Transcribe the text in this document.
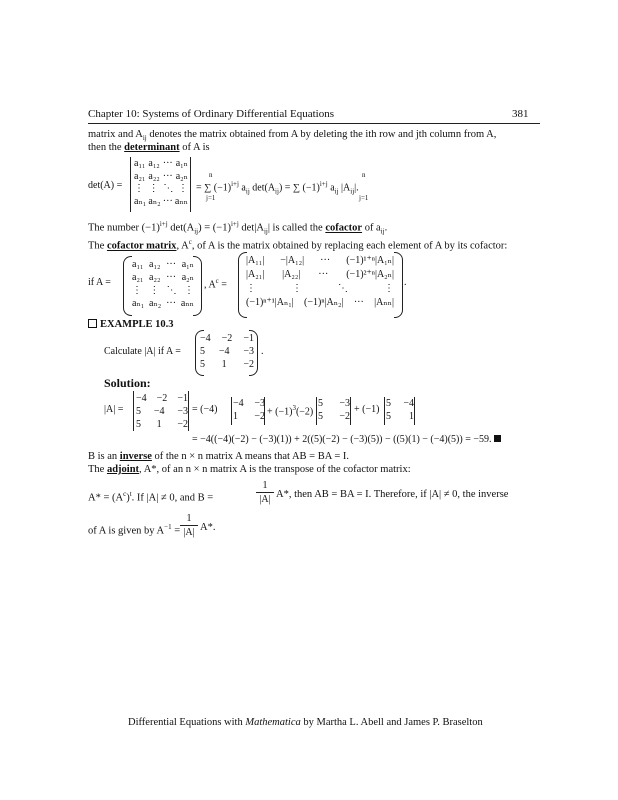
Chapter 10: Systems of Ordinary Differential Equations	381
matrix and $A_{ij}$ denotes the matrix obtained from A by deleting the ith row and jth column from A,
then the determinant of A is
det(A) =
a₁₁ a₁₂ ··· a₁ₙ
a₂₁ a₂₂ ··· a₂ₙ
⋮ ⋮ ⋱ ⋮
aₙ₁ aₙ₂ ··· aₙₙ
= ∑ $(-1)^{i+j}$ $a_{ij}$ $\det(A_{ij})$ = ∑ $(-1)^{i+j}$ $a_{ij}$ $|A_{ij}|$.
n
j=1
n
j=1
The number $(-1)^{i+j}$ $\det(A_{ij}) = (-1)^{i+j}$ $\det|A_{ij}|$ is called the cofactor of $a_{ij}$.
The cofactor matrix, $A^c$, of A is the matrix obtained by replacing each element of A by its cofactor:
if A =
a₁₁ a₁₂ ··· a₁ₙ
a₂₁ a₂₂ ··· a₂ₙ
⋮ ⋮ ⋱ ⋮
aₙ₁ aₙ₂ ··· aₙₙ
, $A^c$ =
|A₁₁| −|A₁₂| ··· (−1)¹⁺ⁿ|A₁ₙ|
|A₂₁| |A₂₂| ··· (−1)²⁺ⁿ|A₂ₙ|
⋮	⋮	⋱	⋮
(−1)ⁿ⁺¹|Aₙ₁| (−1)ⁿ|Aₙ₂| ··· |Aₙₙ|
.
EXAMPLE 10.3
Calculate |A| if A =
−4 −2 −1
5 −4 −3
5 1 −2
.
Solution:
|A| =
−4 −2 −1
5 −4 −3
5 1 −2
= (−4)
−4 −3
$1 -2 + (-1)^3(-2)$
5 −3
5 −2
+ (−1)
5 −4
5 1
= −4((−4)(−2) − (−3)(1)) + 2((5)(−2) − (−3)(5)) − ((5)(1) − (−4)(5)) = −59.
B is an inverse of the n × n matrix A means that AB = BA = I.
The adjoint, A*, of an n × n matrix A is the transpose of the cofactor matrix:
$A* = (A^c)^t$. If |A| ≠ 0, and B =
1
|A| A*, then AB = BA = I. Therefore, if |A| ≠ 0, the inverse
of A is given by $A^{-1}$ =
1
|A| A*.
Differential Equations with Mathematica by Martha L. Abell and James P. Braselton
